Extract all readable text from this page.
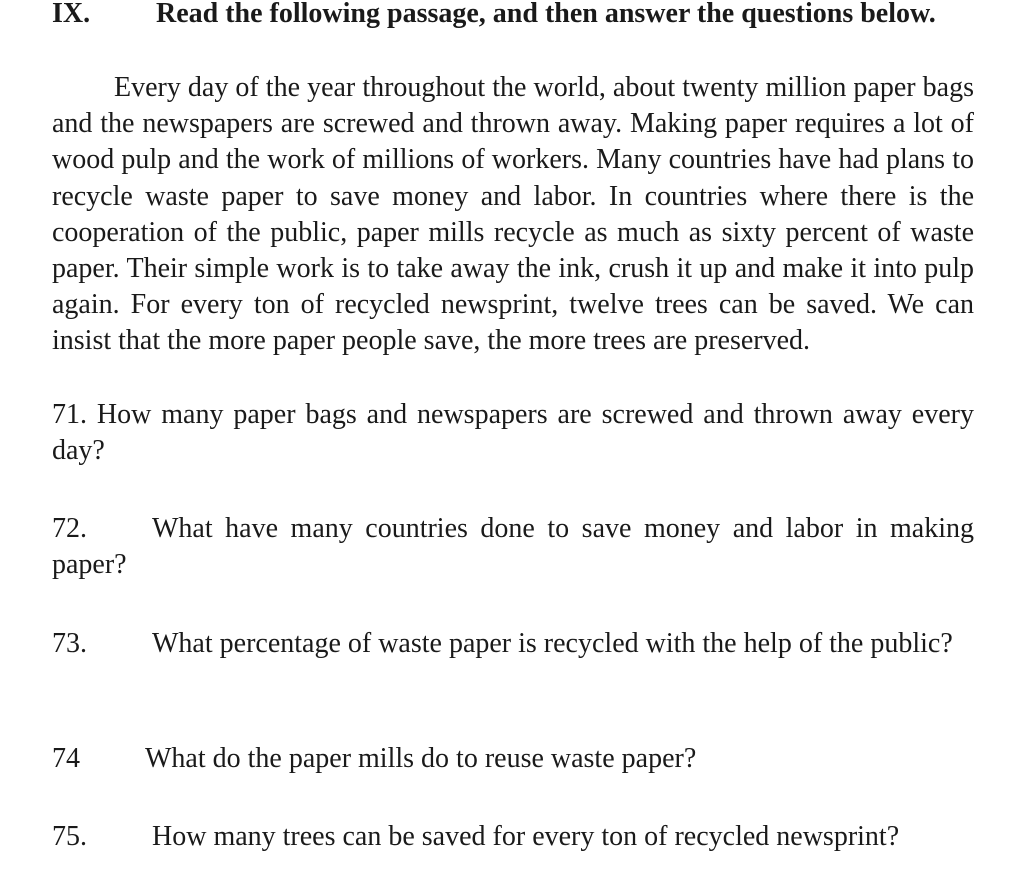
IX. Read the following passage, and then answer the questions below.

Every day of the year throughout the world, about twenty million paper bags and the newspapers are screwed and thrown away. Making paper requires a lot of wood pulp and the work of millions of workers. Many countries have had plans to recycle waste paper to save money and labor. In countries where there is the cooperation of the public, paper mills recycle as much as sixty percent of waste paper. Their simple work is to take away the ink, crush it up and make it into pulp again. For every ton of recycled newsprint, twelve trees can be saved. We can insist that the more paper people save, the more trees are preserved.

71. How many paper bags and newspapers are screwed and thrown away every day?

72. What have many countries done to save money and labor in making paper?

73. What percentage of waste paper is recycled with the help of the public?

74 What do the paper mills do to reuse waste paper?

75. How many trees can be saved for every ton of recycled newsprint?
